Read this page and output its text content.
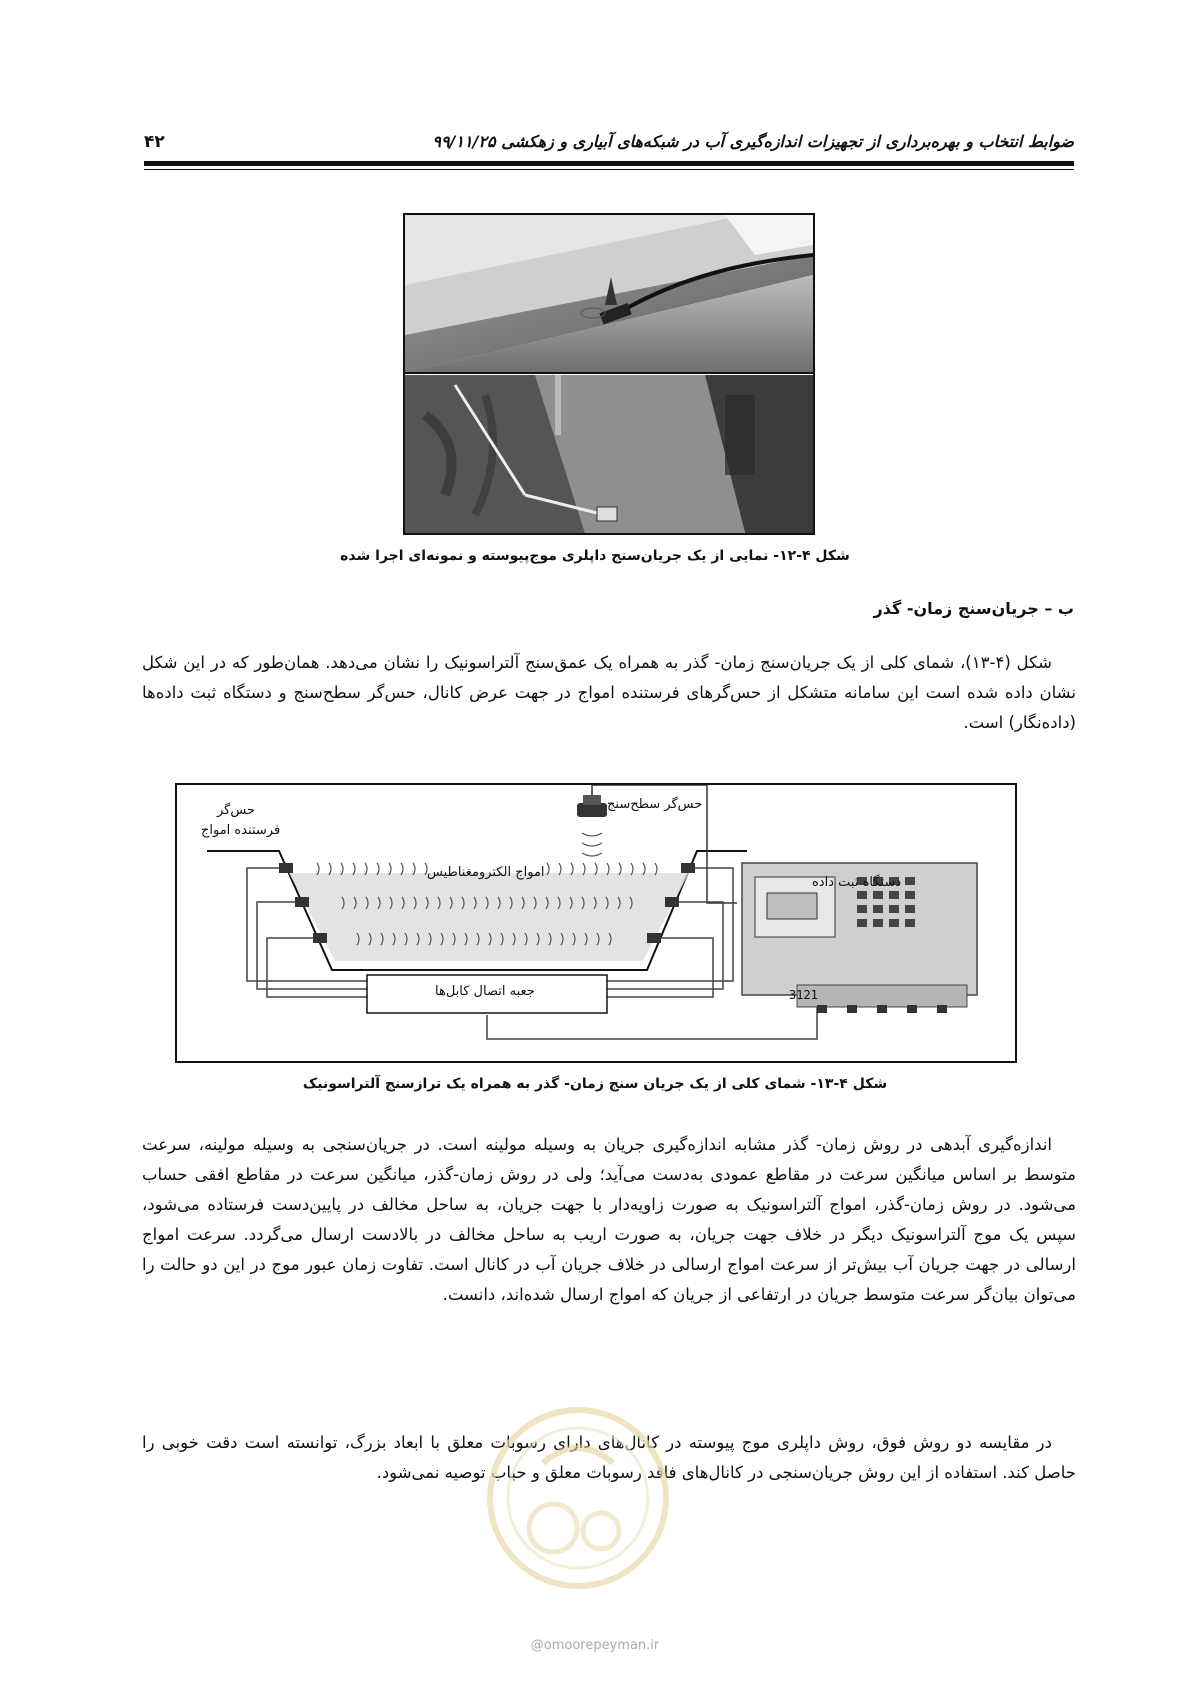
ضوابط انتخاب و بهره‌برداری از تجهیزات اندازه‌گیری آب در شبکه‌های آبیاری و زهکشی ۹۹/۱۱/۲۵
۴۲
شکل ۴-۱۲- نمایی از یک جریان‌سنج داپلری موج‌پیوسته و نمونه‌ای اجرا شده
ب – جریان‌سنج زمان- گذر
شکل (۴-۱۳)، شمای کلی از یک جریان‌سنج زمان- گذر به همراه یک عمق‌سنج آلتراسونیک را نشان می‌دهد. همان‌طور که در این شکل نشان داده شده است این سامانه متشکل از حس‌گرهای فرستنده امواج در جهت عرض کانال، حس‌گر سطح‌سنج و دستگاه ثبت داده‌ها (داده‌نگار) است.
3121
حس‌گر
فرستنده امواج
حس‌گر سطح‌سنج
امواج الکترومغناطیس
دستگاه ثبت داده
جعبه اتصال کابل‌ها
شکل ۴-۱۳- شمای کلی از یک جریان سنج زمان- گذر به همراه یک ترازسنج آلتراسونیک
اندازه‌گیری آبدهی در روش زمان- گذر مشابه اندازه‌گیری جریان به وسیله مولینه است. در جریان‌سنجی به وسیله مولینه، سرعت متوسط بر اساس میانگین سرعت در مقاطع عمودی به‌دست می‌آید؛ ولی در روش زمان-گذر، میانگین سرعت در مقاطع افقی حساب می‌شود. در روش زمان-گذر، امواج آلتراسونیک به صورت زاویه‌دار با جهت جریان، به ساحل مخالف در پایین‌دست فرستاده می‌شود، سپس یک موج آلتراسونیک دیگر در خلاف جهت جریان، به صورت اریب به ساحل مخالف در بالادست ارسال می‌گردد. سرعت امواج ارسالی در جهت جریان آب بیش‌تر از سرعت امواج ارسالی در خلاف جریان آب در کانال است. تفاوت زمان عبور موج در این دو حالت را می‌توان بیان‌گر سرعت متوسط جریان در ارتفاعی از جریان که امواج ارسال شده‌اند، دانست.
در مقایسه دو روش فوق، روش داپلری موج پیوسته در کانال‌های دارای رسوبات معلق با ابعاد بزرگ، توانسته است دقت خوبی را حاصل کند. استفاده از این روش جریان‌سنجی در کانال‌های فاقد رسوبات معلق و حباب توصیه نمی‌شود.
@omoorepeyman.ir
